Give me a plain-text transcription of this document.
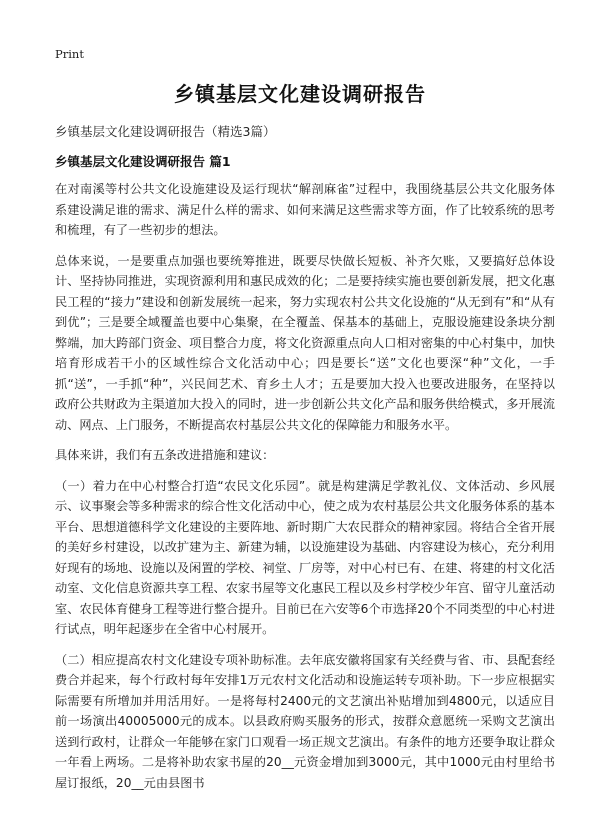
Print
乡镇基层文化建设调研报告
乡镇基层文化建设调研报告（精选3篇）
乡镇基层文化建设调研报告 篇1

在对南溪等村公共文化设施建设及运行现状“解剖麻雀”过程中，我围绕基层公共文化服务体系建设满足谁的需求、满足什么样的需求、如何来满足这些需求等方面，作了比较系统的思考和梳理，有了一些初步的想法。

总体来说，一是要重点加强也要统筹推进，既要尽快做长短板、补齐欠账，又要搞好总体设计、坚持协同推进，实现资源利用和惠民成效的化；二是要持续实施也要创新发展，把文化惠民工程的“接力”建设和创新发展统一起来，努力实现农村公共文化设施的“从无到有”和“从有到优”；三是要全域覆盖也要中心集聚，在全覆盖、保基本的基础上，克服设施建设条块分割弊端，加大跨部门资金、项目整合力度，将文化资源重点向人口相对密集的中心村集中，加快培育形成若干小的区域性综合文化活动中心；四是要长“送”文化也要深“种”文化，一手抓“送”，一手抓“种”，兴民间艺术、育乡土人才；五是要加大投入也要改进服务，在坚持以政府公共财政为主渠道加大投入的同时，进一步创新公共文化产品和服务供给模式，多开展流动、网点、上门服务，不断提高农村基层公共文化的保障能力和服务水平。

具体来讲，我们有五条改进措施和建议：

（一）着力在中心村整合打造“农民文化乐园”。就是构建满足学教礼仪、文体活动、乡风展示、议事聚会等多种需求的综合性文化活动中心，使之成为农村基层公共文化服务体系的基本平台、思想道德科学文化建设的主要阵地、新时期广大农民群众的精神家园。将结合全省开展的美好乡村建设，以改扩建为主、新建为辅，以设施建设为基础、内容建设为核心，充分利用好现有的场地、设施以及闲置的学校、祠堂、厂房等，对中心村已有、在建、将建的村文化活动室、文化信息资源共享工程、农家书屋等文化惠民工程以及乡村学校少年宫、留守儿童活动室、农民体育健身工程等进行整合提升。目前已在六安等6个市选择20个不同类型的中心村进行试点，明年起逐步在全省中心村展开。

（二）相应提高农村文化建设专项补助标准。去年底安徽将国家有关经费与省、市、县配套经费合并起来，每个行政村每年安排1万元农村文化活动和设施运转专项补助。下一步应根据实际需要有所增加并用活用好。一是将每村2400元的文艺演出补贴增加到4800元，以适应目前一场演出40005000元的成本。以县政府购买服务的形式，按群众意愿统一采购文艺演出送到行政村，让群众一年能够在家门口观看一场正规文艺演出。有条件的地方还要争取让群众一年看上两场。二是将补助农家书屋的20__元资金增加到3000元，其中1000元由村里给书屋订报纸，20__元由县图书
